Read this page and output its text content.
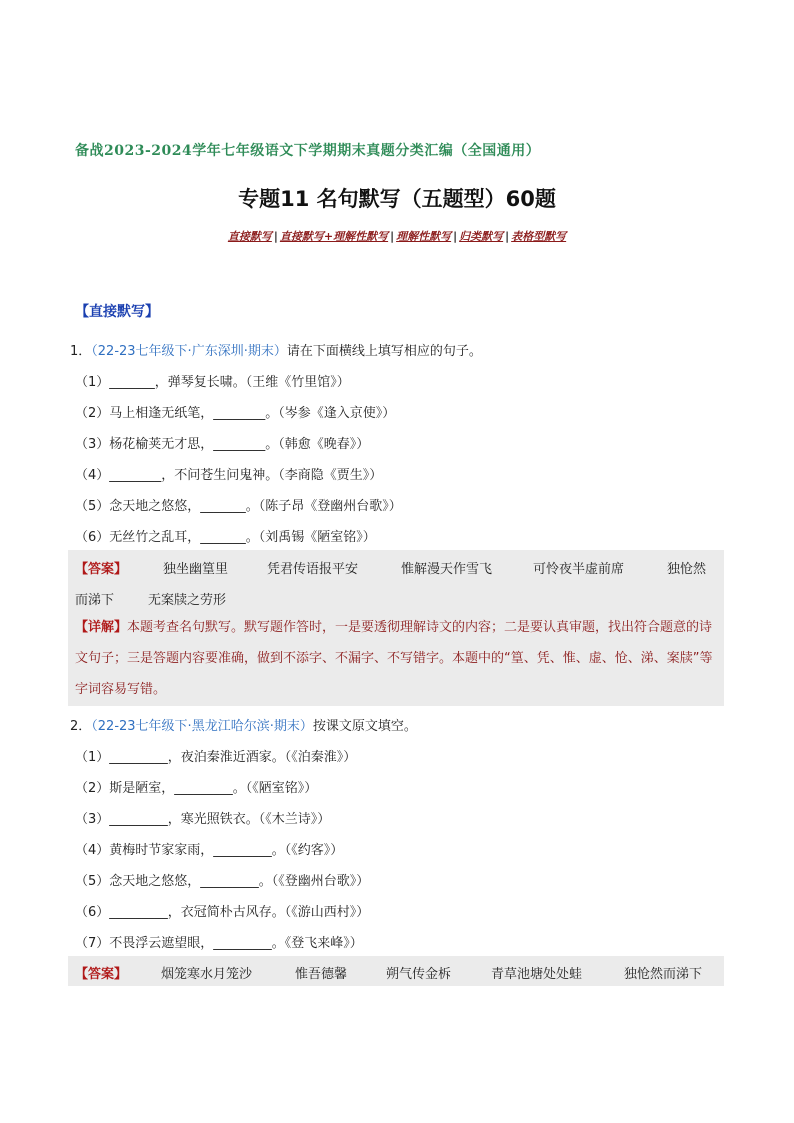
备战2023-2024学年七年级语文下学期期末真题分类汇编（全国通用）
专题11 名句默写（五题型）60题
直接默写 | 直接默写+理解性默写 | 理解性默写 | 归类默写 | 表格型默写
【直接默写】
1．（22-23七年级下·广东深圳·期末）请在下面横线上填写相应的句子。
（1）_______，弹琴复长啸。（王维《竹里馆》）
（2）马上相逢无纸笔，________。（岑参《逢入京使》）
（3）杨花榆荚无才思，________。（韩愈《晚春》）
（4）________，不问苍生问鬼神。（李商隐《贾生》）
（5）念天地之悠悠，_______。（陈子昂《登幽州台歌》）
（6）无丝竹之乱耳，_______。（刘禹锡《陋室铭》）
【答案】	独坐幽篁里	凭君传语报平安	惟解漫天作雪飞	可怜夜半虚前席	独怆然
而涕下	无案牍之劳形
【详解】本题考查名句默写。默写题作答时，一是要透彻理解诗文的内容；二是要认真审题，找出符合题意的诗文句子；三是答题内容要准确，做到不添字、不漏字、不写错字。本题中的“篁、凭、惟、虚、怆、涕、案牍”等字词容易写错。
2．（22-23七年级下·黑龙江哈尔滨·期末）按课文原文填空。
（1）_________，夜泊秦淮近酒家。（《泊秦淮》）
（2）斯是陋室，_________。（《陋室铭》）
（3）_________，寒光照铁衣。（《木兰诗》）
（4）黄梅时节家家雨，_________。（《约客》）
（5）念天地之悠悠，_________。（《登幽州台歌》）
（6）_________，衣冠简朴古风存。（《游山西村》）
（7）不畏浮云遮望眼，_________。《登飞来峰》）
【答案】	烟笼寒水月笼沙	惟吾德馨	朔气传金柝	青草池塘处处蛙	独怆然而涕下
